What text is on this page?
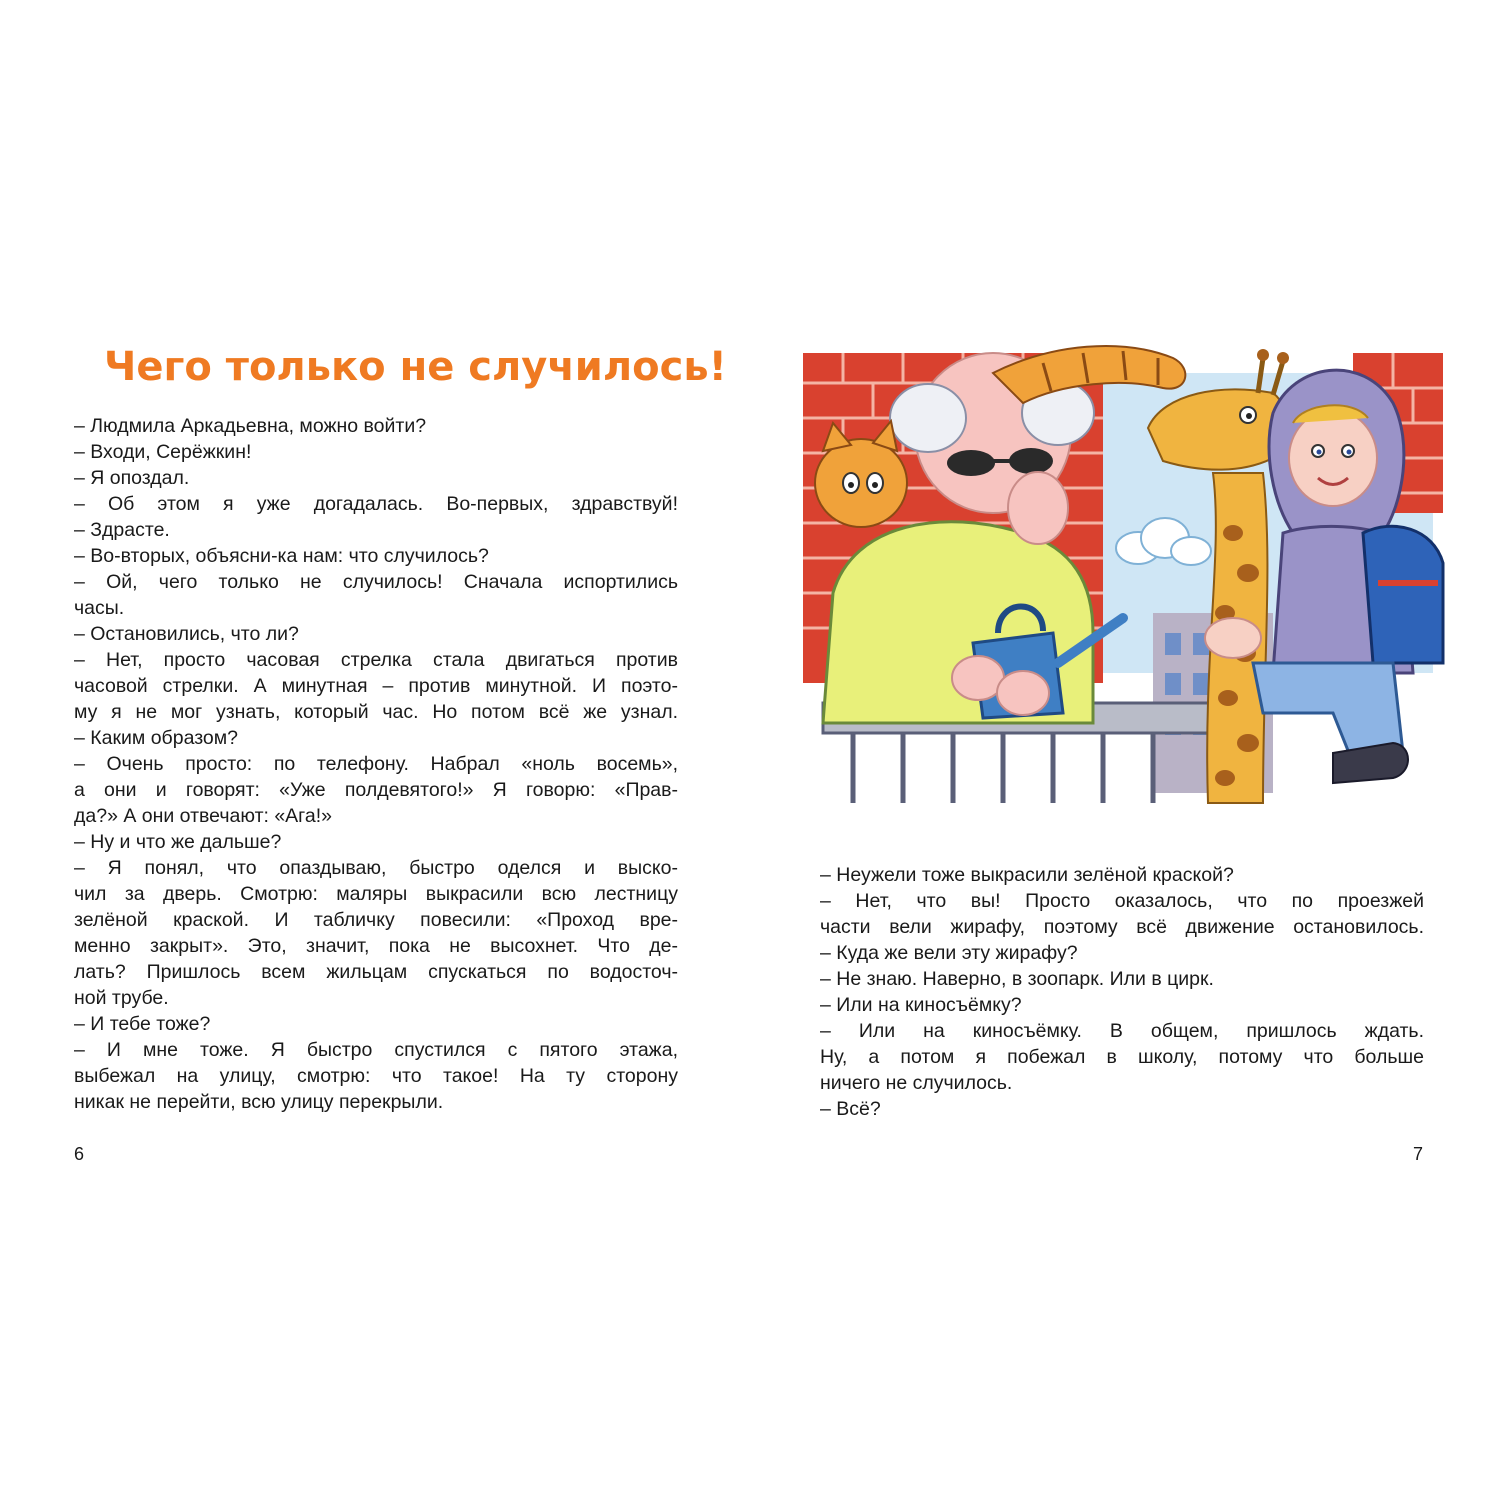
Чего только не случилось!
– Людмила Аркадьевна, можно войти?
– Входи, Серёжкин!
– Я опоздал.
– Об этом я уже догадалась. Во-первых, здравствуй!
– Здрасте.
– Во-вторых, объясни-ка нам: что случилось?
– Ой, чего только не случилось! Сначала испортились
часы.
– Остановились, что ли?
– Нет, просто часовая стрелка стала двигаться против
часовой стрелки. А минутная – против минутной. И поэто-
му я не мог узнать, который час. Но потом всё же узнал.
– Каким образом?
– Очень просто: по телефону. Набрал «ноль восемь»,
а они и говорят: «Уже полдевятого!» Я говорю: «Прав-
да?» А они отвечают: «Ага!»
– Ну и что же дальше?
– Я понял, что опаздываю, быстро оделся и выско-
чил за дверь. Смотрю: маляры выкрасили всю лестницу
зелёной краской. И табличку повесили: «Проход вре-
менно закрыт». Это, значит, пока не высохнет. Что де-
лать? Пришлось всем жильцам спускаться по водосточ-
ной трубе.
– И тебе тоже?
– И мне тоже. Я быстро спустился с пятого этажа,
выбежал на улицу, смотрю: что такое! На ту сторону
никак не перейти, всю улицу перекрыли.
6	7
– Неужели тоже выкрасили зелёной краской?
– Нет, что вы! Просто оказалось, что по проезжей
части вели жирафу, поэтому всё движение остановилось.
– Куда же вели эту жирафу?
– Не знаю. Наверно, в зоопарк. Или в цирк.
– Или на киносъёмку?
– Или на киносъёмку. В общем, пришлось ждать.
Ну, а потом я побежал в школу, потому что больше
ничего не случилось.
– Всё?
